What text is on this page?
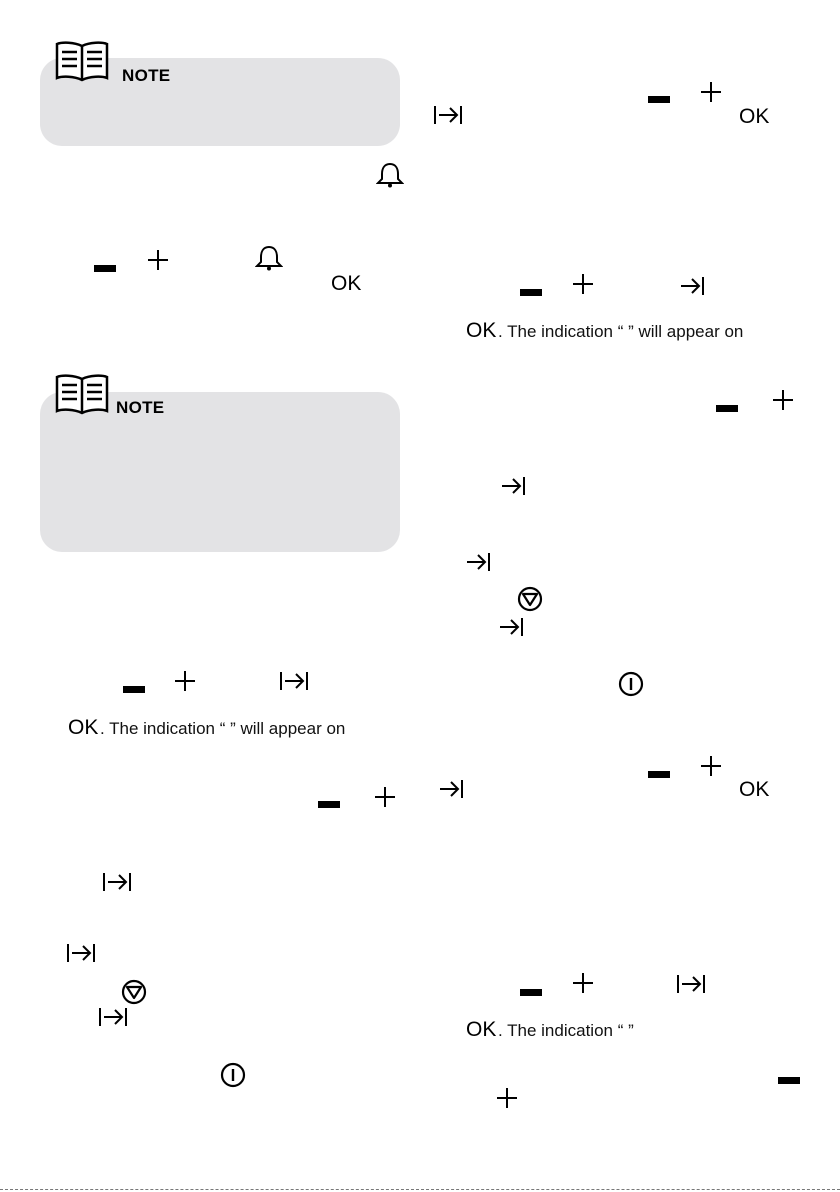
NOTE
OK
NOTE
OK . The indication “ ” will appear on
OK
OK . The indication “ ” will appear on
OK
OK . The indication “ ”
